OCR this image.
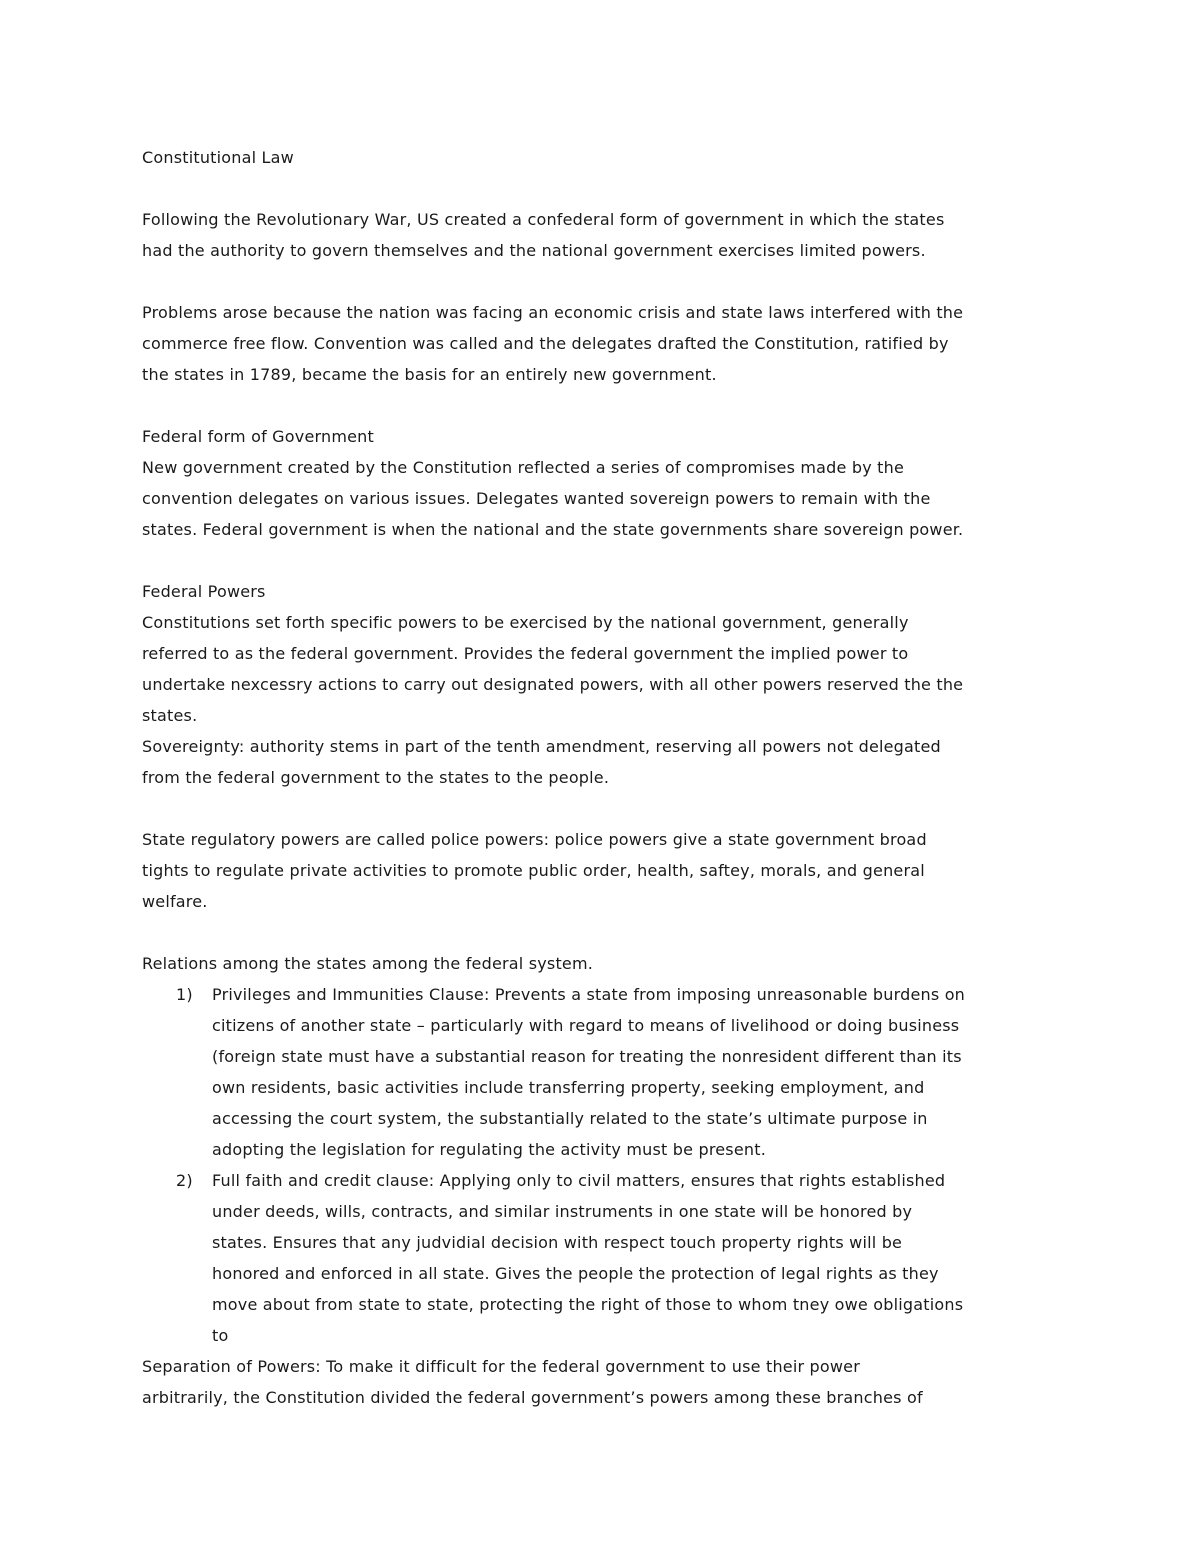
Constitutional Law
Following the Revolutionary War, US created a confederal form of government in which the states
had the authority to govern themselves and the national government exercises limited powers.
Problems arose because the nation was facing an economic crisis and state laws interfered with the
commerce free flow. Convention was called and the delegates drafted the Constitution, ratified by
the states in 1789, became the basis for an entirely new government.
Federal form of Government
New government created by the Constitution reflected a series of compromises made by the
convention delegates on various issues. Delegates wanted sovereign powers to remain with the
states. Federal government is when the national and the state governments share sovereign power.
Federal Powers
Constitutions set forth specific powers to be exercised by the national government, generally
referred to as the federal government. Provides the federal government the implied power to
undertake nexcessry actions to carry out designated powers, with all other powers reserved the the
states.
Sovereignty: authority stems in part of the tenth amendment, reserving all powers not delegated
from the federal government to the states to the people.
State regulatory powers are called police powers: police powers give a state government broad
tights to regulate private activities to promote public order, health, saftey, morals, and general
welfare.
Relations among the states among the federal system.
1)	Privileges and Immunities Clause: Prevents a state from imposing unreasonable burdens on
citizens of another state – particularly with regard to means of livelihood or doing business
(foreign state must have a substantial reason for treating the nonresident different than its
own residents, basic activities include transferring property, seeking employment, and
accessing the court system, the substantially related to the state’s ultimate purpose in
adopting the legislation for regulating the activity must be present.
2)	Full faith and credit clause: Applying only to civil matters, ensures that rights established
under deeds, wills, contracts, and similar instruments in one state will be honored by
states. Ensures that any judvidial decision with respect touch property rights will be
honored and enforced in all state. Gives the people the protection of legal rights as they
move about from state to state, protecting the right of those to whom tney owe obligations
to
Separation of Powers: To make it difficult for the federal government to use their power
arbitrarily, the Constitution divided the federal government’s powers among these branches of
